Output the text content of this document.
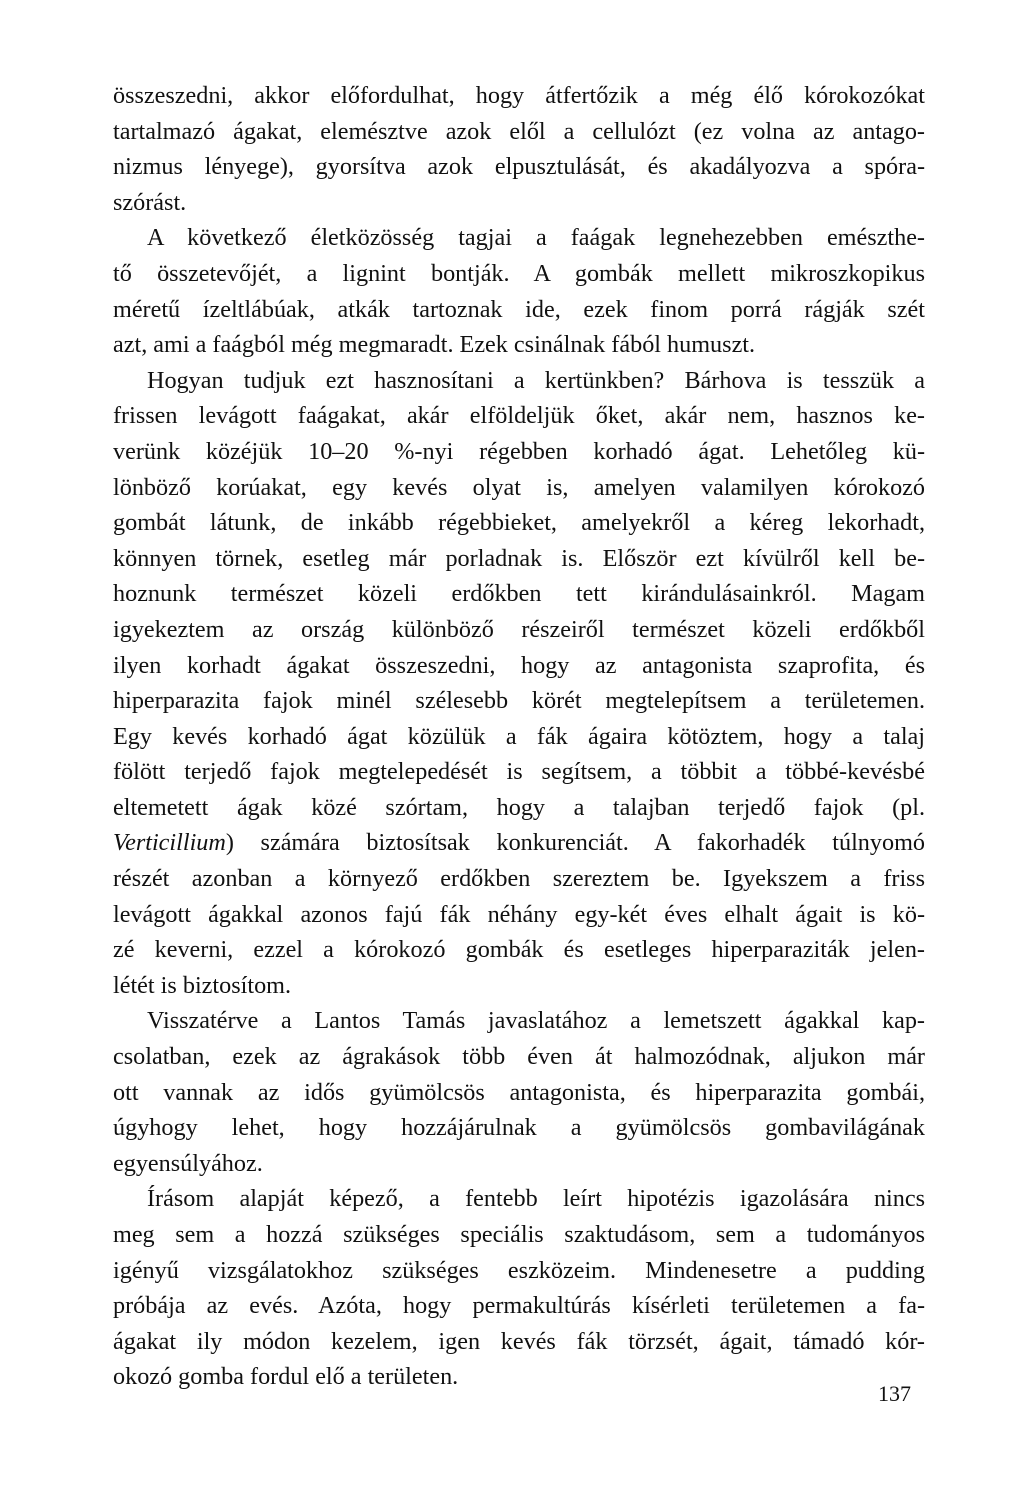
összeszedni, akkor előfordulhat, hogy átfertőzik a még élő kórokozókat
tartalmazó ágakat, elemésztve azok elől a cellulózt (ez volna az antago-
nizmus lényege), gyorsítva azok elpusztulását, és akadályozva a spóra-
szórást.
A következő életközösség tagjai a faágak legnehezebben emészthe-
tő összetevőjét, a lignint bontják. A gombák mellett mikroszkopikus
méretű ízeltlábúak, atkák tartoznak ide, ezek finom porrá rágják szét
azt, ami a faágból még megmaradt. Ezek csinálnak fából humuszt.
Hogyan tudjuk ezt hasznosítani a kertünkben? Bárhova is tesszük a
frissen levágott faágakat, akár elföldeljük őket, akár nem, hasznos ke-
verünk közéjük 10–20 %-nyi régebben korhadó ágat. Lehetőleg kü-
lönböző korúakat, egy kevés olyat is, amelyen valamilyen kórokozó
gombát látunk, de inkább régebbieket, amelyekről a kéreg lekorhadt,
könnyen törnek, esetleg már porladnak is. Először ezt kívülről kell be-
hoznunk természet közeli erdőkben tett kirándulásainkról. Magam
igyekeztem az ország különböző részeiről természet közeli erdőkből
ilyen korhadt ágakat összeszedni, hogy az antagonista szaprofita, és
hiperparazita fajok minél szélesebb körét megtelepítsem a területemen.
Egy kevés korhadó ágat közülük a fák ágaira kötöztem, hogy a talaj
fölött terjedő fajok megtelepedését is segítsem, a többit a többé-kevésbé
eltemetett ágak közé szórtam, hogy a talajban terjedő fajok (pl.
Verticillium) számára biztosítsak konkurenciát. A fakorhadék túlnyomó
részét azonban a környező erdőkben szereztem be. Igyekszem a friss
levágott ágakkal azonos fajú fák néhány egy-két éves elhalt ágait is kö-
zé keverni, ezzel a kórokozó gombák és esetleges hiperparaziták jelen-
létét is biztosítom.
Visszatérve a Lantos Tamás javaslatához a lemetszett ágakkal kap-
csolatban, ezek az ágrakások több éven át halmozódnak, aljukon már
ott vannak az idős gyümölcsös antagonista, és hiperparazita gombái,
úgyhogy lehet, hogy hozzájárulnak a gyümölcsös gombavilágának
egyensúlyához.
Írásom alapját képező, a fentebb leírt hipotézis igazolására nincs
meg sem a hozzá szükséges speciális szaktudásom, sem a tudományos
igényű vizsgálatokhoz szükséges eszközeim. Mindenesetre a pudding
próbája az evés. Azóta, hogy permakultúrás kísérleti területemen a fa-
ágakat ily módon kezelem, igen kevés fák törzsét, ágait, támadó kór-
okozó gomba fordul elő a területen.
137
